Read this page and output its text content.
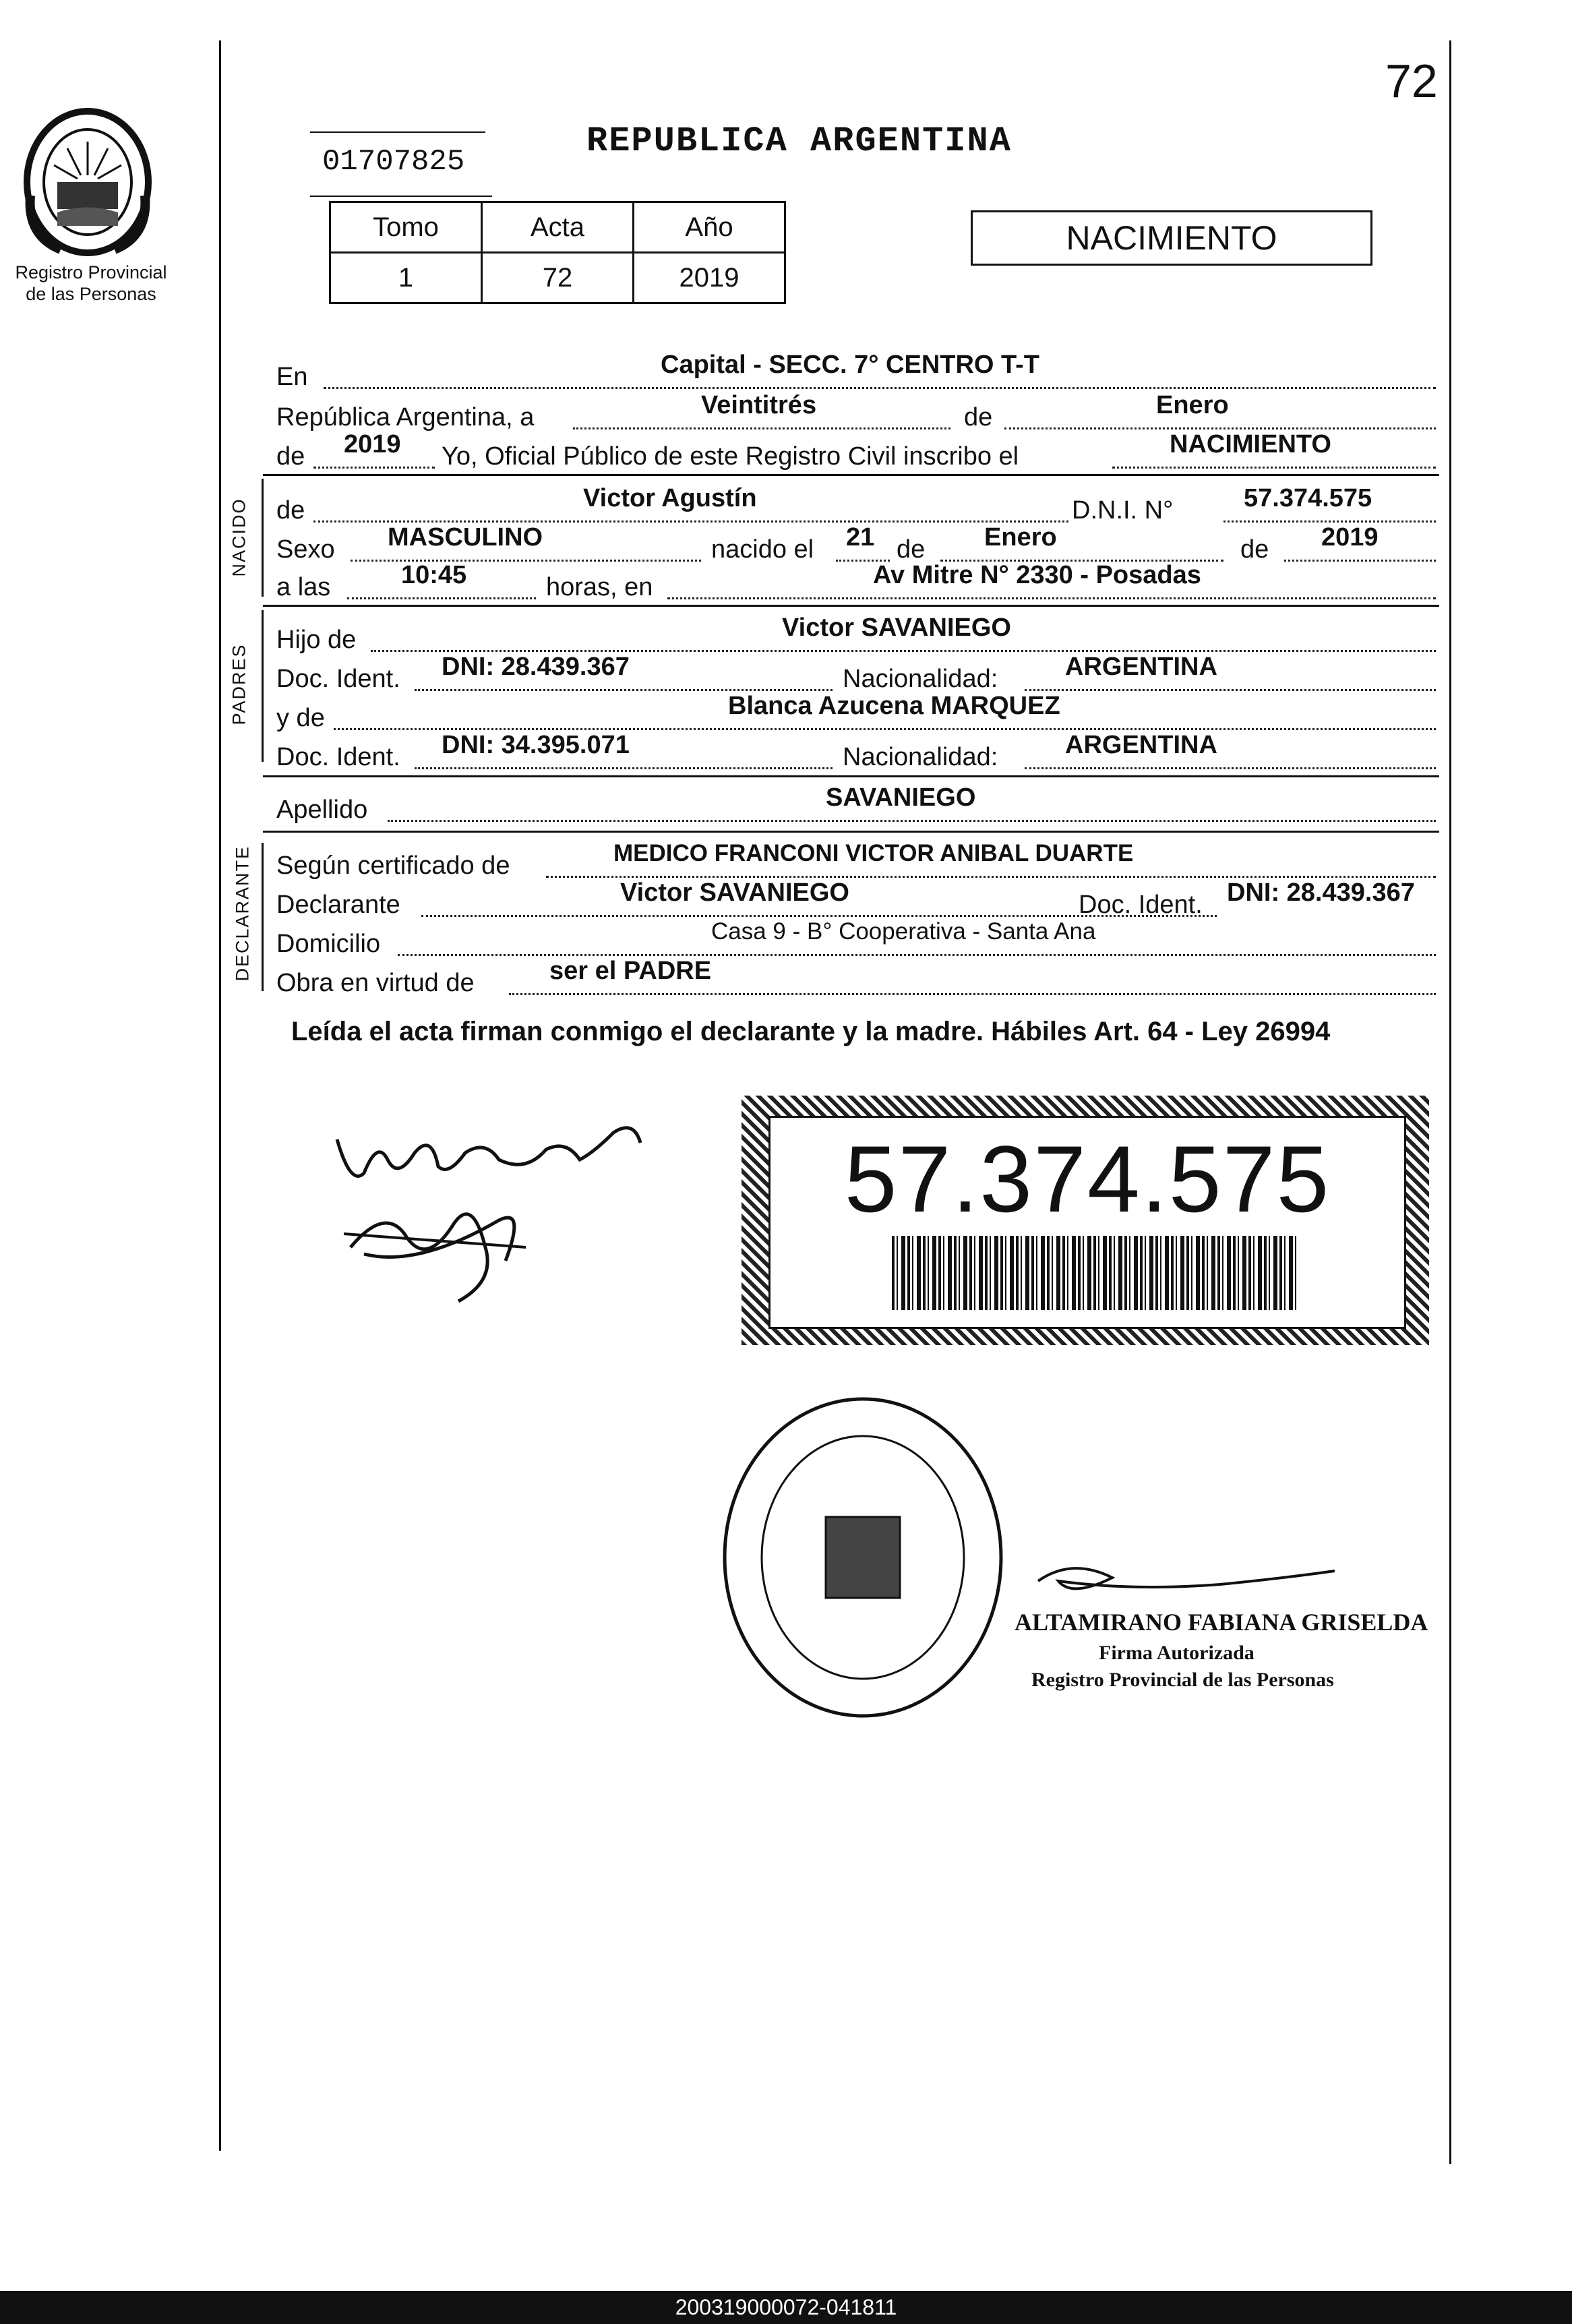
Registro Provincial
de las Personas
72
01707825
REPUBLICA ARGENTINA
Tomo	Acta	Año
1	72	2019
NACIMIENTO
En	Capital - SECC. 7° CENTRO T-T
República Argentina, a	Veintitrés	de	Enero
de 2019 Yo, Oficial Público de este Registro Civil inscribo el	NACIMIENTO
NACIDO de	Victor Agustín	D.N.I. N°	57.374.575
Sexo MASCULINO	nacido el 21 de Enero	de 2019
a las	10:45	horas, en	Av Mitre N° 2330 - Posadas
PADRES
Hijo de	Victor SAVANIEGO
Doc. Ident. DNI: 28.439.367	Nacionalidad:	ARGENTINA
y de	Blanca Azucena MARQUEZ
Doc. Ident. DNI: 34.395.071	Nacionalidad:	ARGENTINA
Apellido	SAVANIEGO
DECLARANTE Según certificado de	MEDICO FRANCONI VICTOR ANIBAL DUARTE
Declarante	Victor SAVANIEGO	Doc. Ident. DNI: 28.439.367
Domicilio	Casa 9 - B° Cooperativa - Santa Ana
Obra en virtud de	ser el PADRE
Leída el acta firman conmigo el declarante y la madre. Hábiles Art. 64 - Ley 26994
57.374.575
ALTAMIRANO FABIANA GRISELDA
Firma Autorizada
Registro Provincial de las Personas
200319000072-041811
